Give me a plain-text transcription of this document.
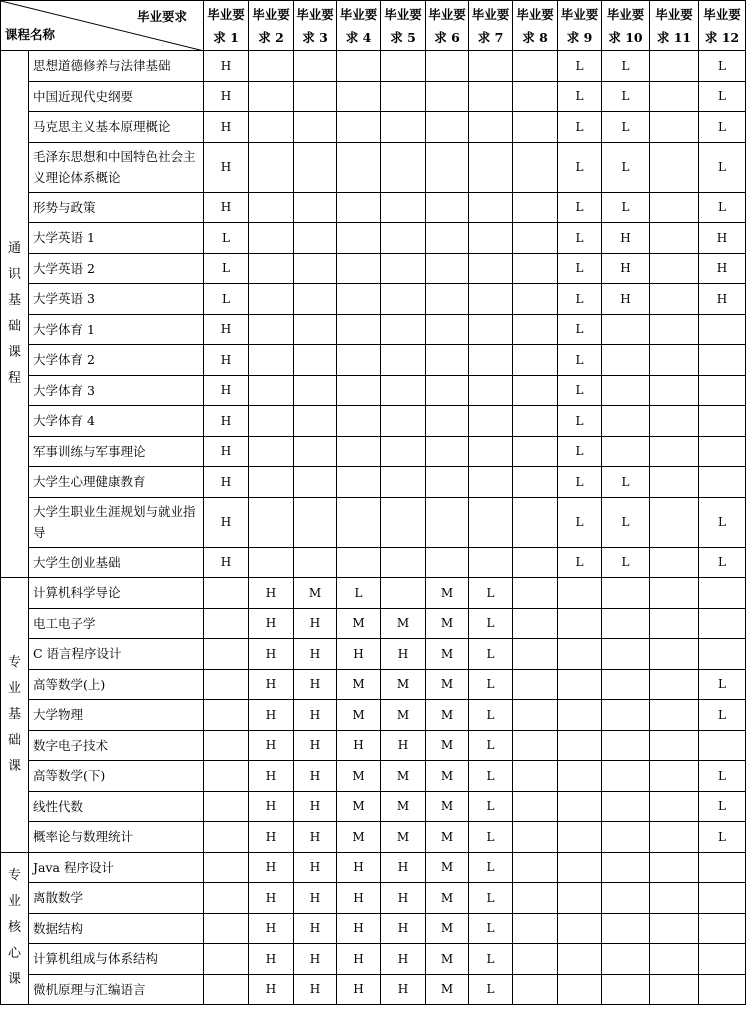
毕业要求
课程名称		毕业要求 1	毕业要求 2	毕业要求 3	毕业要求 4	毕业要求 5	毕业要求 6	毕业要求 7	毕业要求 8	毕业要求 9	毕业要求 10	毕业要求 11	毕业要求 12

通识基础课程	思想道德修养与法律基础	H								L	L		L
	中国近现代史纲要	H								L	L		L
	马克思主义基本原理概论	H								L	L		L
	毛泽东思想和中国特色社会主义理论体系概论	H								L	L		L
	形势与政策	H								L	L		L
	大学英语 1	L								L	H		H
	大学英语 2	L								L	H		H
	大学英语 3	L								L	H		H
	大学体育 1	H								L			
	大学体育 2	H								L			
	大学体育 3	H								L			
	大学体育 4	H								L			
	军事训练与军事理论	H								L			
	大学生心理健康教育	H								L	L		
	大学生职业生涯规划与就业指导	H								L	L		L
	大学生创业基础	H								L	L		L
专业基础课	计算机科学导论		H	M	L		M	L					
	电工电子学		H	H	M	M	M	L					
	C 语言程序设计		H	H	H	H	M	L					
	高等数学(上)		H	H	M	M	M	L					L
	大学物理		H	H	M	M	M	L					L
	数字电子技术		H	H	H	H	M	L					
	高等数学(下)		H	H	M	M	M	L					L
	线性代数		H	H	M	M	M	L					L
	概率论与数理统计		H	H	M	M	M	L					L
专业核心课	Java 程序设计		H	H	H	H	M	L					
	离散数学		H	H	H	H	M	L					
	数据结构		H	H	H	H	M	L					
	计算机组成与体系结构		H	H	H	H	M	L					
	微机原理与汇编语言		H	H	H	H	M	L					
